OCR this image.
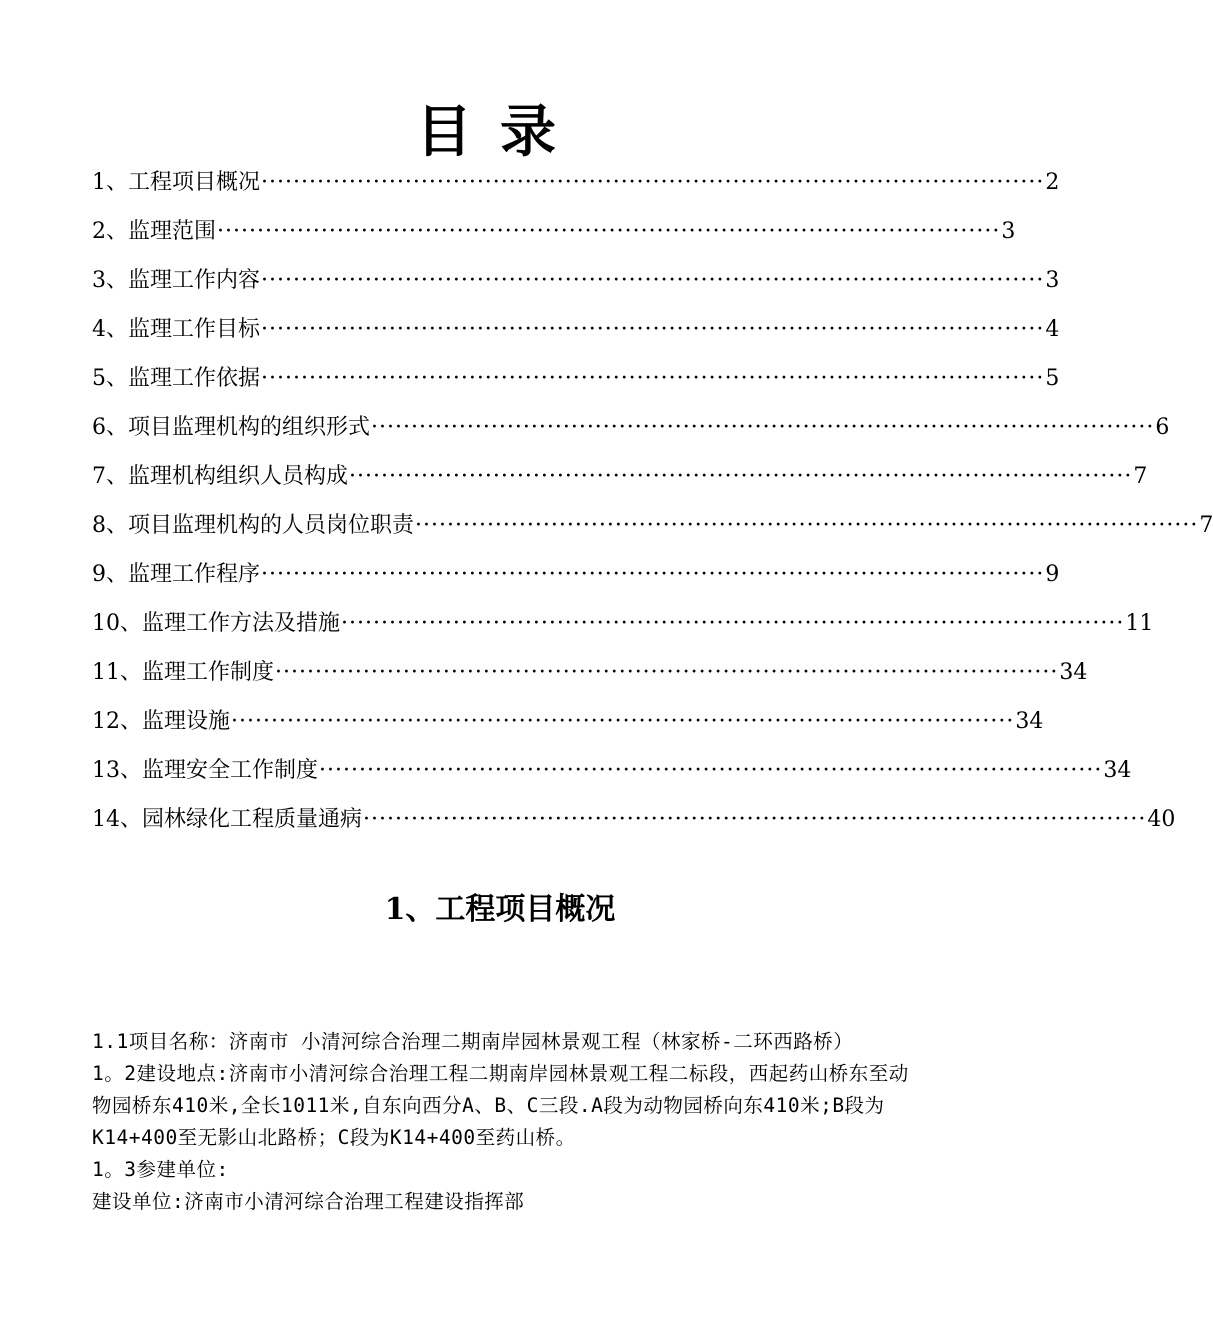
目录
1、工程项目概况 ·································································································· 2
2、监理范围 ·································································································· 3
3、监理工作内容 ·································································································· 3
4、监理工作目标 ·································································································· 4
5、监理工作依据 ·································································································· 5
6、项目监理机构的组织形式 ·································································································· 6
7、监理机构组织人员构成 ·································································································· 7
8、项目监理机构的人员岗位职责 ·································································································· 7
9、监理工作程序 ·································································································· 9
10、监理工作方法及措施 ·································································································· 11
11、监理工作制度 ·································································································· 34
12、监理设施 ·································································································· 34
13、监理安全工作制度 ·································································································· 34
14、园林绿化工程质量通病 ·································································································· 40
1、工程项目概况

1.1项目名称：济南市 小清河综合治理二期南岸园林景观工程（林家桥-二环西路桥）

1。2建设地点:济南市小清河综合治理工程二期南岸园林景观工程二标段，西起药山桥东至动物园桥东410米,全长1011米,自东向西分A、B、C三段.A段为动物园桥向东410米;B段为K14+400至无影山北路桥；C段为K14+400至药山桥。

1。3参建单位:

建设单位:济南市小清河综合治理工程建设指挥部
